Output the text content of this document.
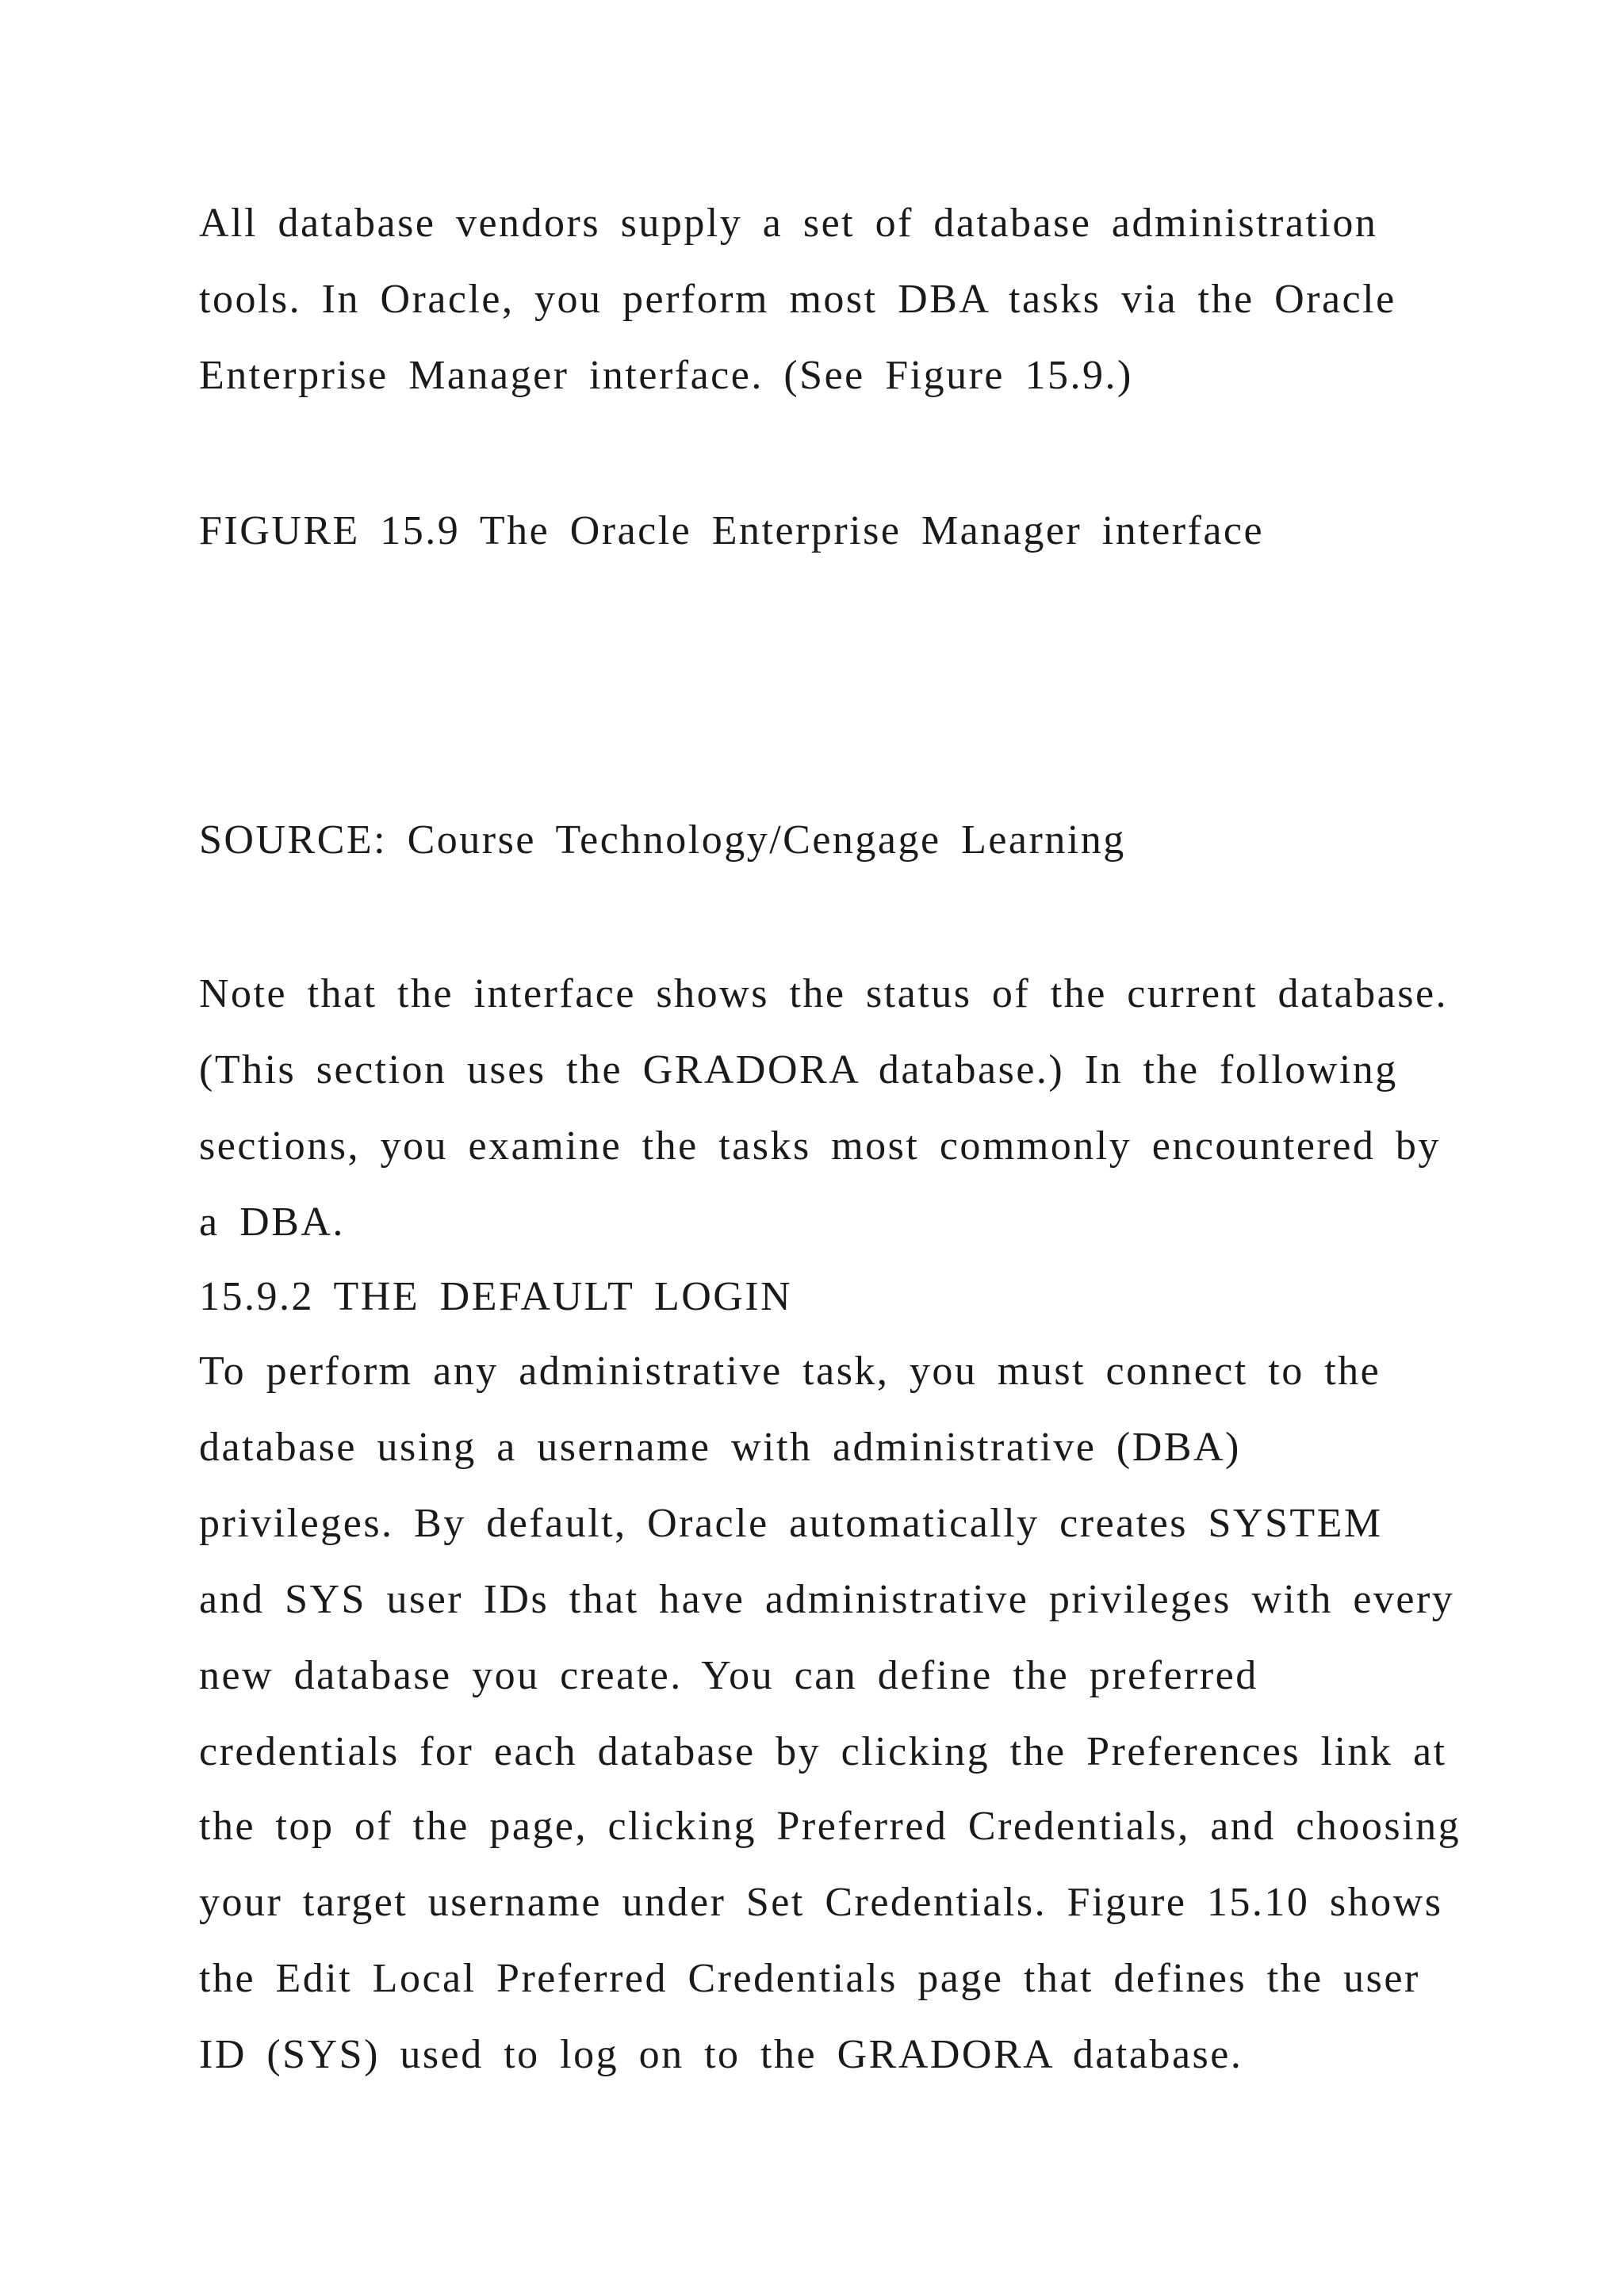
All database vendors supply a set of database administration

tools. In Oracle, you perform most DBA tasks via the Oracle

Enterprise Manager interface. (See Figure 15.9.)

FIGURE 15.9 The Oracle Enterprise Manager interface

SOURCE: Course Technology/Cengage Learning

Note that the interface shows the status of the current database.

(This section uses the GRADORA database.) In the following

sections, you examine the tasks most commonly encountered by

a DBA.

15.9.2 THE DEFAULT LOGIN

To perform any administrative task, you must connect to the

database using a username with administrative (DBA)

privileges. By default, Oracle automatically creates SYSTEM

and SYS user IDs that have administrative privileges with every

new database you create. You can define the preferred

credentials for each database by clicking the Preferences link at

the top of the page, clicking Preferred Credentials, and choosing

your target username under Set Credentials. Figure 15.10 shows

the Edit Local Preferred Credentials page that defines the user

ID (SYS) used to log on to the GRADORA database.
